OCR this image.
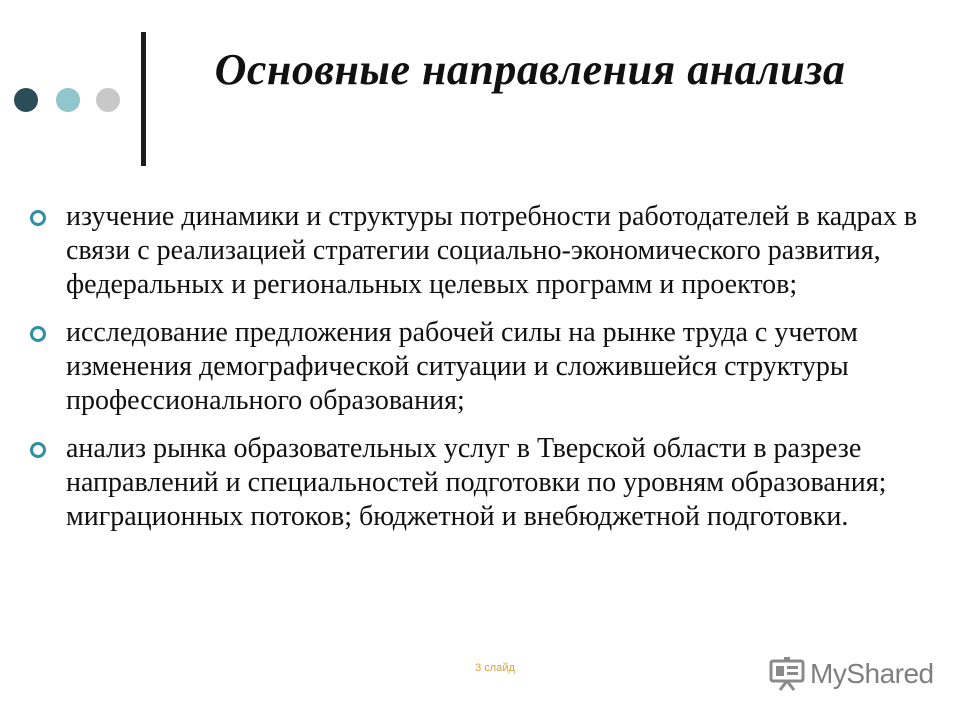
Основные направления анализа
изучение динамики и структуры потребности работодателей в кадрах в связи с реализацией стратегии социально-экономического развития, федеральных и региональных целевых программ и проектов;
исследование предложения рабочей силы на рынке труда с учетом изменения демографической ситуации и сложившейся структуры профессионального образования;
анализ рынка образовательных услуг в Тверской области в разрезе направлений и специальностей подготовки по уровням образования; миграционных потоков; бюджетной и внебюджетной подготовки.
3 слайд	MyShared
